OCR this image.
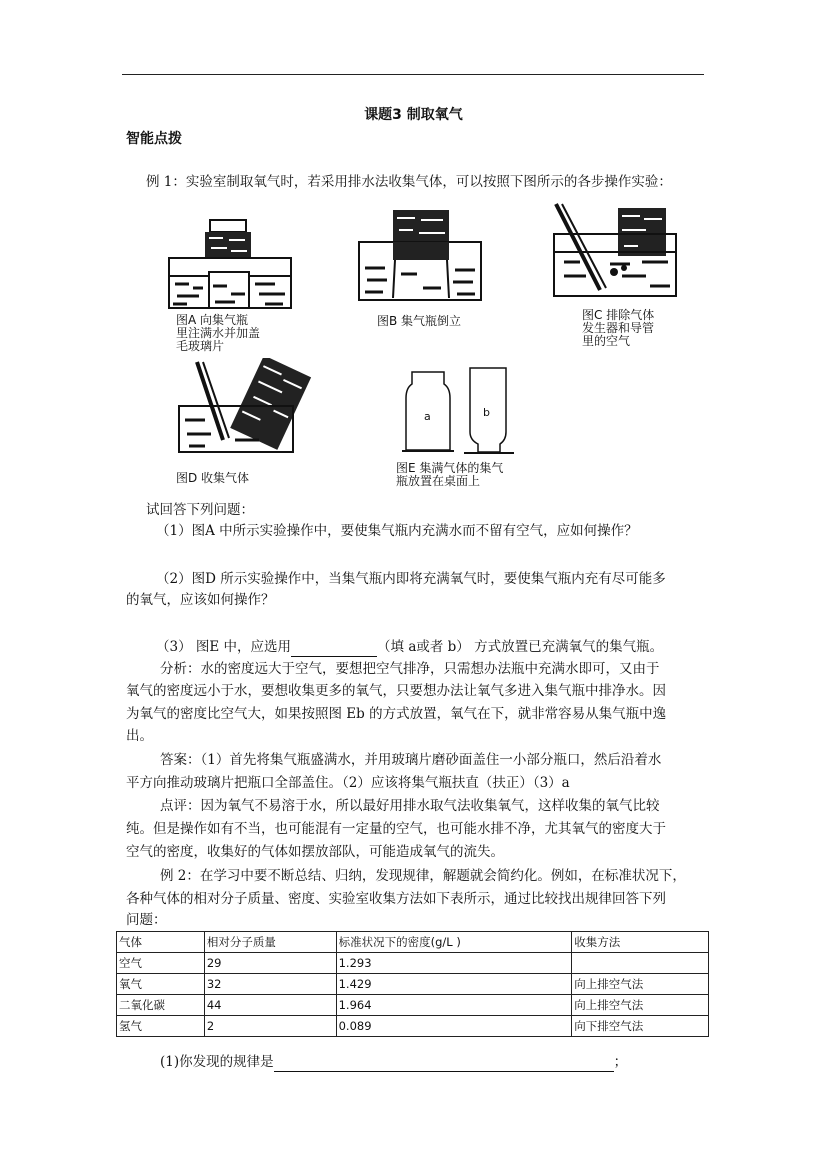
课题3 制取氧气
智能点拨
例 1：实验室制取氧气时，若采用排水法收集气体，可以按照下图所示的各步操作实验：
图A 向集气瓶
里注满水并加盖
毛玻璃片
图B 集气瓶倒立	图C 排除气体
发生器和导管
里的空气
图D 收集气体
a	b
图E 集满气体的集气
瓶放置在桌面上
试回答下列问题：
（1）图A 中所示实验操作中，要使集气瓶内充满水而不留有空气，应如何操作？
（2）图D 所示实验操作中，当集气瓶内即将充满氧气时，要使集气瓶内充有尽可能多
的氧气，应该如何操作？
（3） 图E 中，应选用	（填 a或者 b） 方式放置已充满氧气的集气瓶。
分析：水的密度远大于空气，要想把空气排净，只需想办法瓶中充满水即可，又由于
氧气的密度远小于水，要想收集更多的氧气，只要想办法让氧气多进入集气瓶中排净水。因
为氧气的密度比空气大，如果按照图 Eb 的方式放置，氧气在下，就非常容易从集气瓶中逸
出。
答案：（1）首先将集气瓶盛满水，并用玻璃片磨砂面盖住一小部分瓶口，然后沿着水
平方向推动玻璃片把瓶口全部盖住。（2）应该将集气瓶扶直（扶正）（3）a
点评：因为氧气不易溶于水，所以最好用排水取气法收集氧气，这样收集的氧气比较
纯。但是操作如有不当，也可能混有一定量的空气，也可能水排不净，尤其氧气的密度大于
空气的密度，收集好的气体如摆放部队，可能造成氧气的流失。
例 2：在学习中要不断总结、归纳，发现规律，解题就会简约化。例如，在标准状况下，
各种气体的相对分子质量、密度、实验室收集方法如下表所示，通过比较找出规律回答下列
问题：
气体	相对分子质量	标准状况下的密度(g/L )	收集方法
空气	29	1.293	
氧气	32	1.429	向上排空气法
二氧化碳	44	1.964	向上排空气法
氢气	2	0.089	向下排空气法
(1)你发现的规律是	；
